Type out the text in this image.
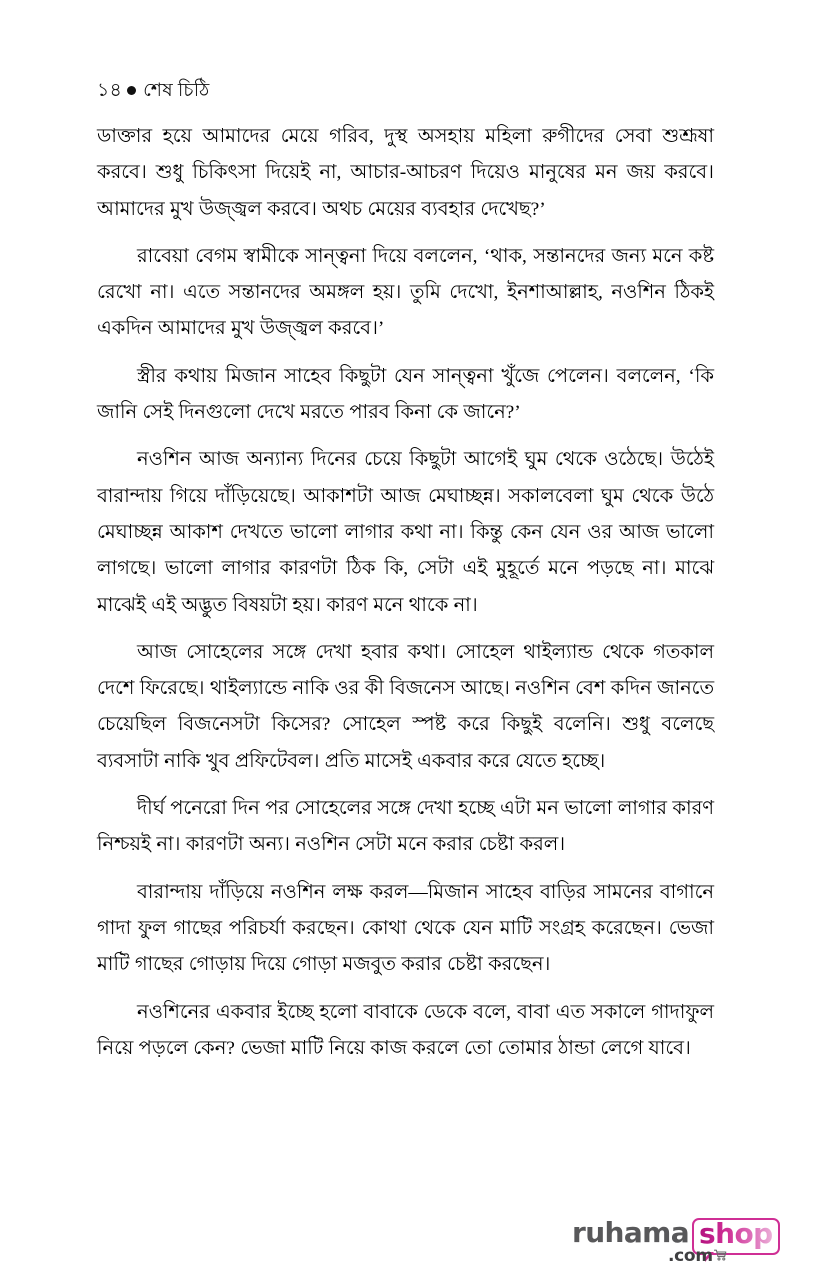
১৪ শেষ চিঠি

ডাক্তার হয়ে আমাদের মেয়ে গরিব, দুস্থ অসহায় মহিলা রুগীদের সেবা শুশ্রূষা করবে। শুধু চিকিৎসা দিয়েই না, আচার-আচরণ দিয়েও মানুষের মন জয় করবে। আমাদের মুখ উজ্জ্বল করবে। অথচ মেয়ের ব্যবহার দেখেছ?’

রাবেয়া বেগম স্বামীকে সান্ত্বনা দিয়ে বললেন, ‘থাক, সন্তানদের জন্য মনে কষ্ট রেখো না। এতে সন্তানদের অমঙ্গল হয়। তুমি দেখো, ইনশাআল্লাহ, নওশিন ঠিকই একদিন আমাদের মুখ উজ্জ্বল করবে।’

স্ত্রীর কথায় মিজান সাহেব কিছুটা যেন সান্ত্বনা খুঁজে পেলেন। বললেন, ‘কি জানি সেই দিনগুলো দেখে মরতে পারব কিনা কে জানে?’

নওশিন আজ অন্যান্য দিনের চেয়ে কিছুটা আগেই ঘুম থেকে ওঠেছে। উঠেই বারান্দায় গিয়ে দাঁড়িয়েছে। আকাশটা আজ মেঘাচ্ছন্ন। সকালবেলা ঘুম থেকে উঠে মেঘাচ্ছন্ন আকাশ দেখতে ভালো লাগার কথা না। কিন্তু কেন যেন ওর আজ ভালো লাগছে। ভালো লাগার কারণটা ঠিক কি, সেটা এই মুহূর্তে মনে পড়ছে না। মাঝে মাঝেই এই অদ্ভুত বিষয়টা হয়। কারণ মনে থাকে না।

আজ সোহেলের সঙ্গে দেখা হবার কথা। সোহেল থাইল্যান্ড থেকে গতকাল দেশে ফিরেছে। থাইল্যান্ডে নাকি ওর কী বিজনেস আছে। নওশিন বেশ কদিন জানতে চেয়েছিল বিজনেসটা কিসের? সোহেল স্পষ্ট করে কিছুই বলেনি। শুধু বলেছে ব্যবসাটা নাকি খুব প্রফিটেবল। প্রতি মাসেই একবার করে যেতে হচ্ছে।

দীর্ঘ পনেরো দিন পর সোহেলের সঙ্গে দেখা হচ্ছে এটা মন ভালো লাগার কারণ নিশ্চয়ই না। কারণটা অন্য। নওশিন সেটা মনে করার চেষ্টা করল।

বারান্দায় দাঁড়িয়ে নওশিন লক্ষ করল—মিজান সাহেব বাড়ির সামনের বাগানে গাদা ফুল গাছের পরিচর্যা করছেন। কোথা থেকে যেন মাটি সংগ্রহ করেছেন। ভেজা মাটি গাছের গোড়ায় দিয়ে গোড়া মজবুত করার চেষ্টা করছেন।

নওশিনের একবার ইচ্ছে হলো বাবাকে ডেকে বলে, বাবা এত সকালে গাদাফুল নিয়ে পড়লে কেন? ভেজা মাটি নিয়ে কাজ করলে তো তোমার ঠান্ডা লেগে যাবে।

ruhama shop
.com
